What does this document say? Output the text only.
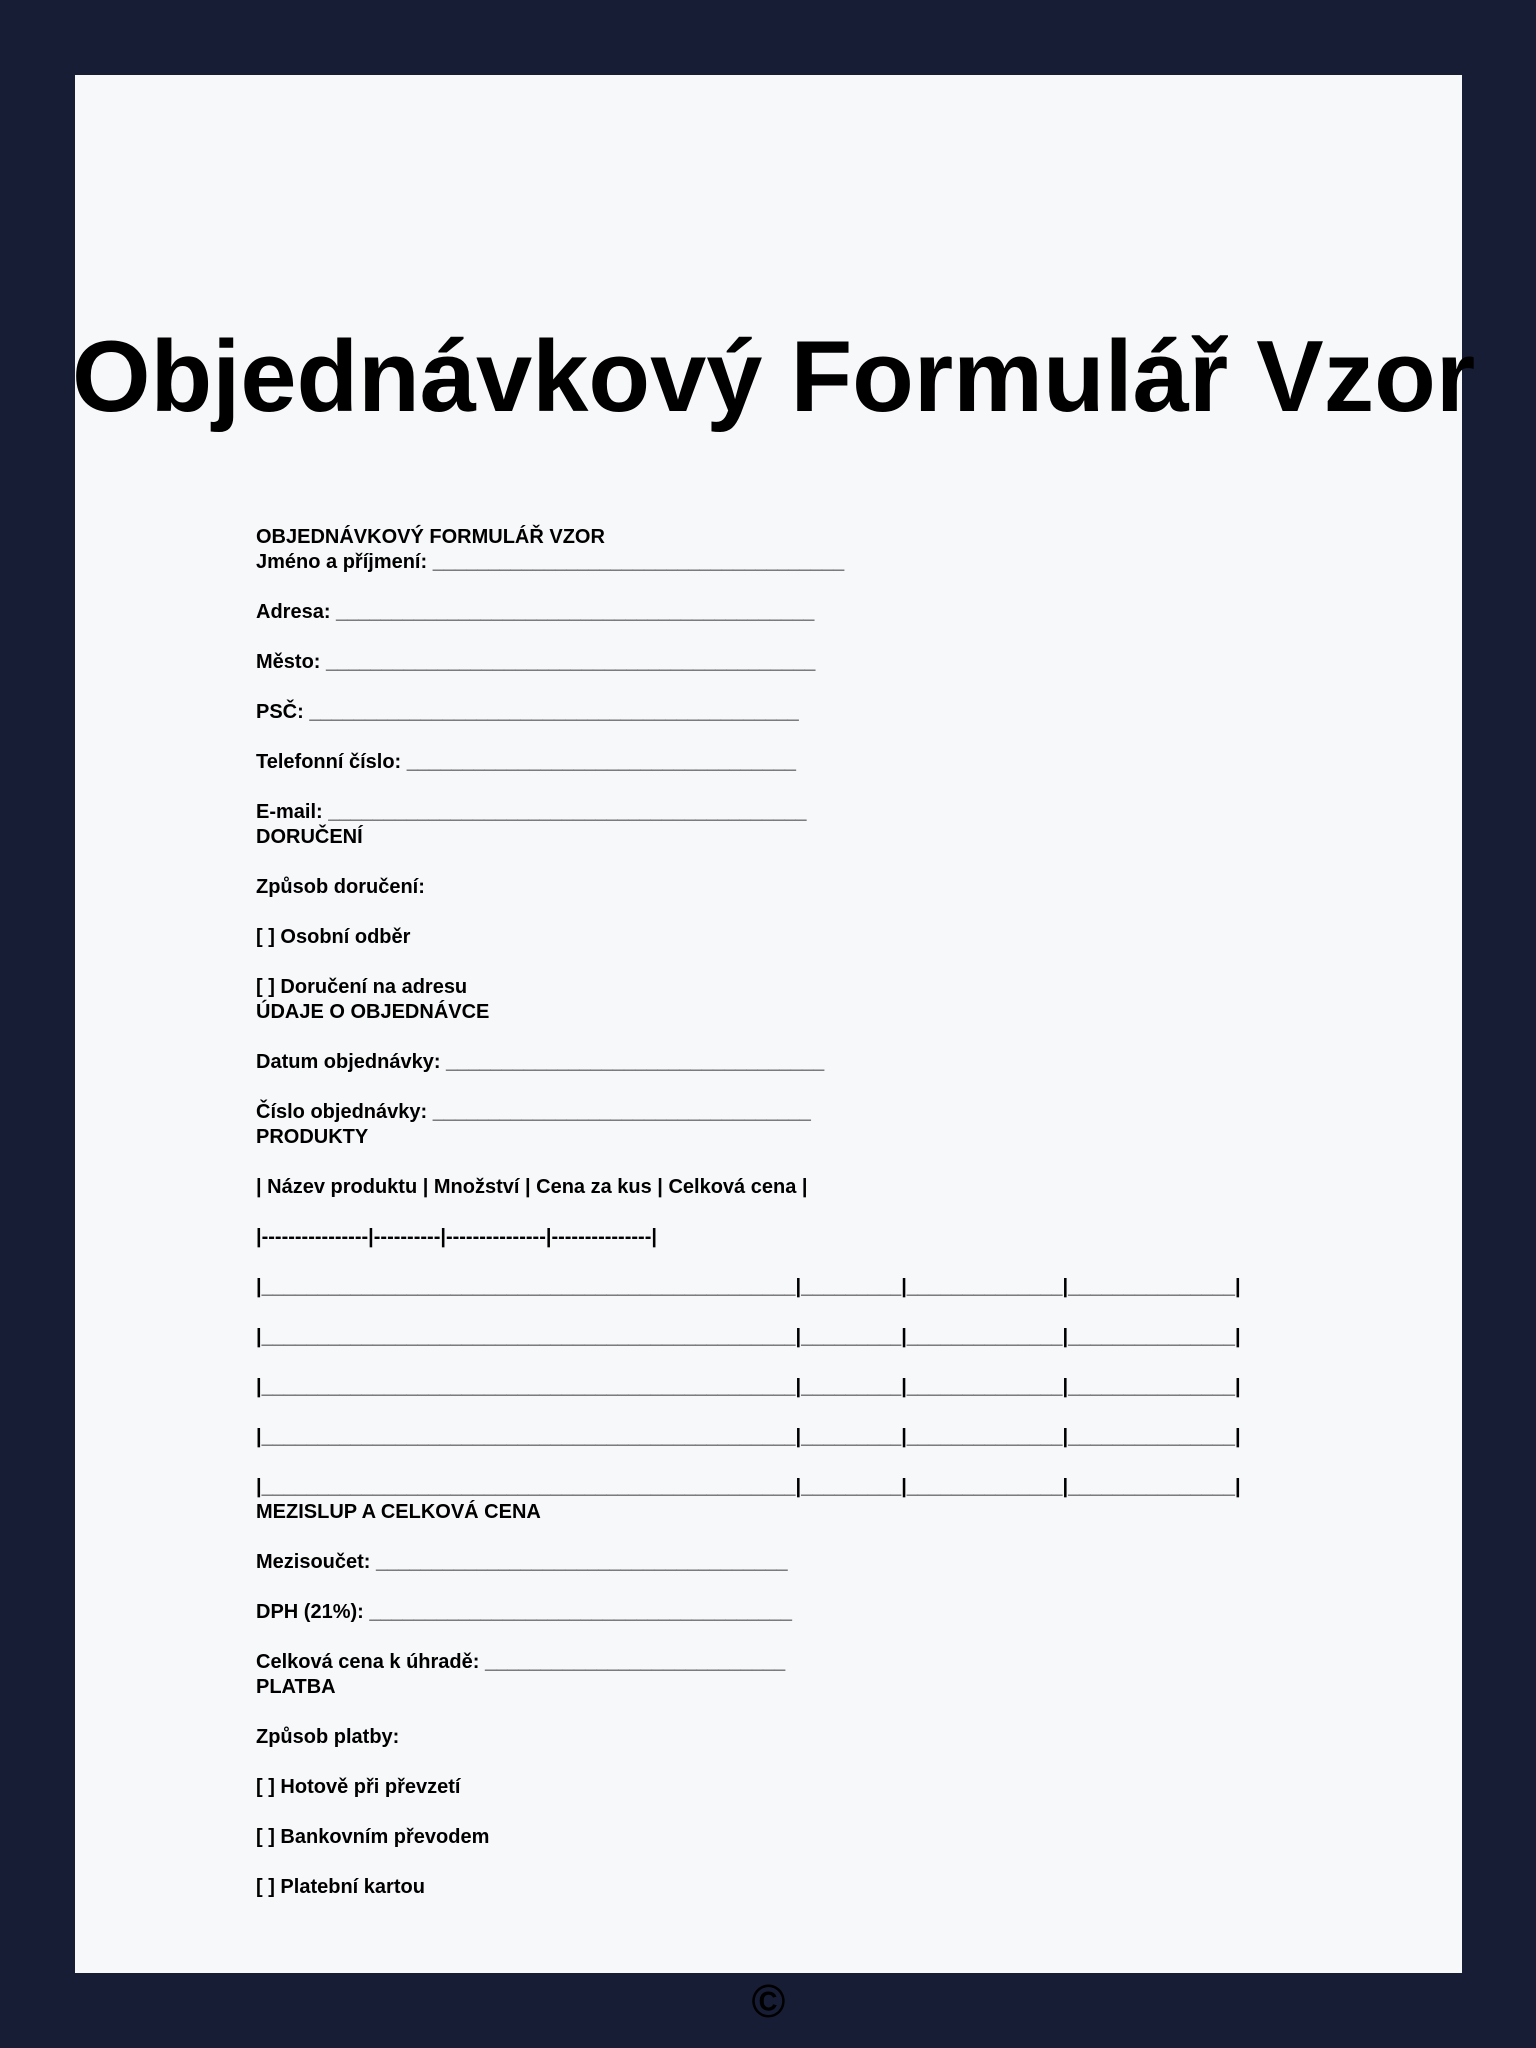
Objednávkový Formulář Vzor
OBJEDNÁVKOVÝ FORMULÁŘ VZOR
Jméno a příjmení: _____________________________________

Adresa: ___________________________________________

Město: ____________________________________________

PSČ: ____________________________________________

Telefonní číslo: ___________________________________

E-mail: ___________________________________________
DORUČENÍ

Způsob doručení:

[ ] Osobní odběr

[ ] Doručení na adresu
ÚDAJE O OBJEDNÁVCE

Datum objednávky: __________________________________

Číslo objednávky: __________________________________
PRODUKTY

| Název produktu | Množství | Cena za kus | Celková cena |

|----------------|----------|---------------|---------------|

|________________________________________________|_________|______________|_______________|

|________________________________________________|_________|______________|_______________|

|________________________________________________|_________|______________|_______________|

|________________________________________________|_________|______________|_______________|

|________________________________________________|_________|______________|_______________|
MEZISLUP A CELKOVÁ CENA

Mezisoučet: _____________________________________

DPH (21%): ______________________________________

Celková cena k úhradě: ___________________________
PLATBA

Způsob platby:

[ ] Hotově při převzetí

[ ] Bankovním převodem

[ ] Platební kartou
©
